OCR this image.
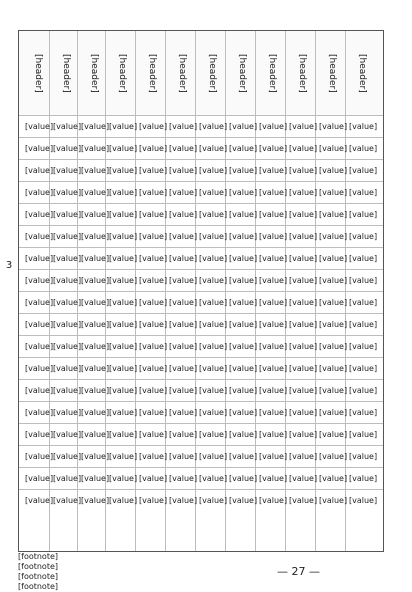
3
[header]	[header]	[header]	[header]	[header]	[header]	[header]	[header]	[header]	[header]	[header]	[header]
[value] [value] [value] [value] [value] [value] [value] [value] [value] [value] [value] [value]
[value] [value] [value] [value] [value] [value] [value] [value] [value] [value] [value] [value]
[value] [value] [value] [value] [value] [value] [value] [value] [value] [value] [value] [value]
[value] [value] [value] [value] [value] [value] [value] [value] [value] [value] [value] [value]
[value] [value] [value] [value] [value] [value] [value] [value] [value] [value] [value] [value]
[value] [value] [value] [value] [value] [value] [value] [value] [value] [value] [value] [value]
[value] [value] [value] [value] [value] [value] [value] [value] [value] [value] [value] [value]
[value] [value] [value] [value] [value] [value] [value] [value] [value] [value] [value] [value]
[value] [value] [value] [value] [value] [value] [value] [value] [value] [value] [value] [value]
[value] [value] [value] [value] [value] [value] [value] [value] [value] [value] [value] [value]
[value] [value] [value] [value] [value] [value] [value] [value] [value] [value] [value] [value]
[value] [value] [value] [value] [value] [value] [value] [value] [value] [value] [value] [value]
[value] [value] [value] [value] [value] [value] [value] [value] [value] [value] [value] [value]
[value] [value] [value] [value] [value] [value] [value] [value] [value] [value] [value] [value]
[value] [value] [value] [value] [value] [value] [value] [value] [value] [value] [value] [value]
[value] [value] [value] [value] [value] [value] [value] [value] [value] [value] [value] [value]
[value] [value] [value] [value] [value] [value] [value] [value] [value] [value] [value] [value]
[value] [value] [value] [value] [value] [value] [value] [value] [value] [value] [value] [value]
[footnote]
[footnote]
[footnote]
[footnote]
— 27 —
